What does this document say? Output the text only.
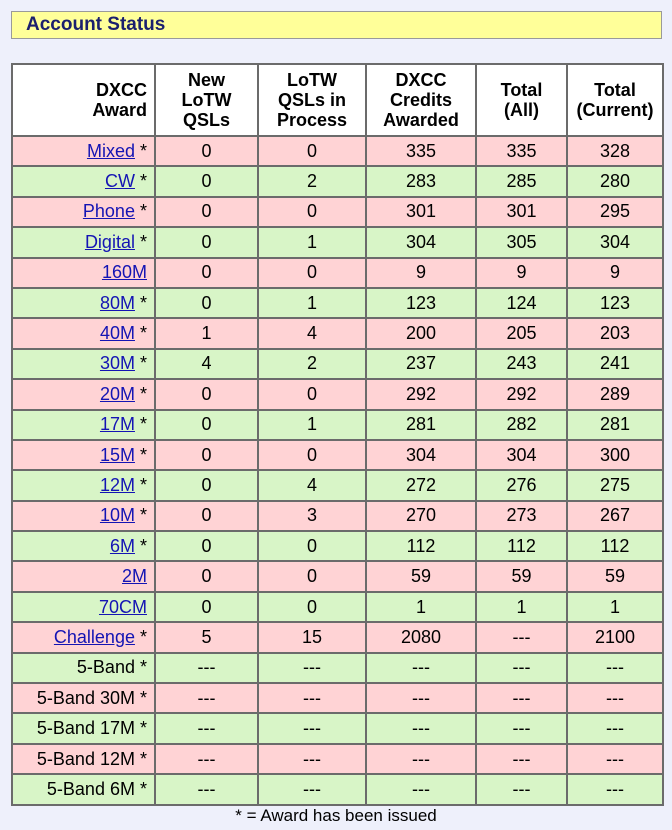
Account Status
DXCC
Award	New
LoTW
QSLs	LoTW
QSLs in
Process	DXCC
Credits
Awarded	Total
(All)	Total
(Current)
Mixed *	0	0	335	335	328
CW *	0	2	283	285	280
Phone *	0	0	301	301	295
Digital *	0	1	304	305	304
160M	0	0	9	9	9
80M *	0	1	123	124	123
40M *	1	4	200	205	203
30M *	4	2	237	243	241
20M *	0	0	292	292	289
17M *	0	1	281	282	281
15M *	0	0	304	304	300
12M *	0	4	272	276	275
10M *	0	3	270	273	267
6M *	0	0	112	112	112
2M	0	0	59	59	59
70CM	0	0	1	1	1
Challenge *	5	15	2080	---	2100
5-Band *	---	---	---	---	---
5-Band 30M *	---	---	---	---	---
5-Band 17M *	---	---	---	---	---
5-Band 12M *	---	---	---	---	---
5-Band 6M *	---	---	---	---	---
* = Award has been issued
